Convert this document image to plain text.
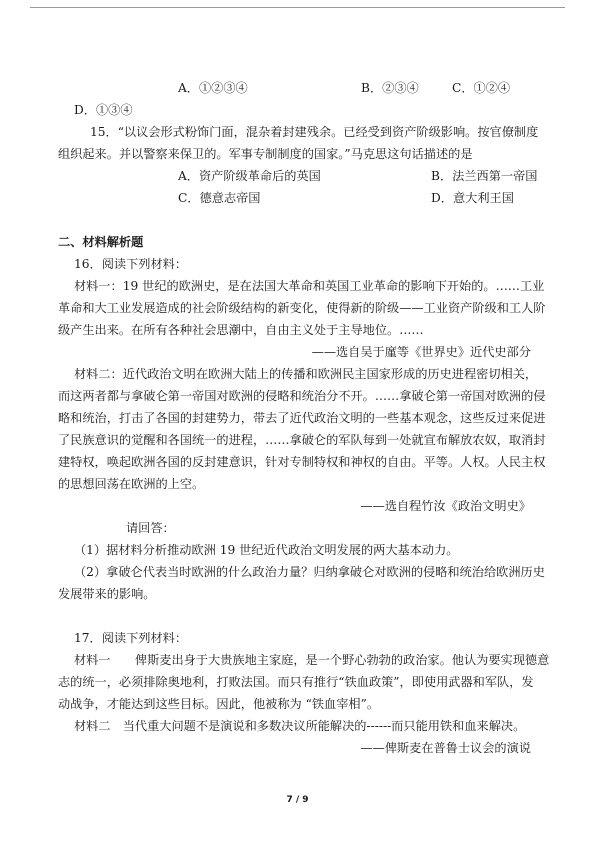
A．①②③④	B．②③④	C．①②④
D．①③④
15．“以议会形式粉饰门面，混杂着封建残余。已经受到资产阶级影响。按官僚制度
组织起来。并以警察来保卫的。军事专制制度的国家。”马克思这句话描述的是
A．资产阶级革命后的英国	B．法兰西第一帝国
C．德意志帝国	D．意大利王国
二、材料解析题
16．阅读下列材料：
材料一：19 世纪的欧洲史，是在法国大革命和英国工业革命的影响下开始的。……工业
革命和大工业发展造成的社会阶级结构的新变化，使得新的阶级——工业资产阶级和工人阶
级产生出来。在所有各种社会思潮中，自由主义处于主导地位。……
——选自吴于廑等《世界史》近代史部分
材料二：近代政治文明在欧洲大陆上的传播和欧洲民主国家形成的历史进程密切相关，
而这两者都与拿破仑第一帝国对欧洲的侵略和统治分不开。……拿破仑第一帝国对欧洲的侵
略和统治，打击了各国的封建势力，带去了近代政治文明的一些基本观念，这些反过来促进
了民族意识的觉醒和各国统一的进程，……拿破仑的军队每到一处就宣布解放农奴，取消封
建特权，唤起欧洲各国的反封建意识，针对专制特权和神权的自由。平等。人权。人民主权
的思想回荡在欧洲的上空。
——选自程竹汝《政治文明史》
请回答：
（1）据材料分析推动欧洲 19 世纪近代政治文明发展的两大基本动力。
（2）拿破仑代表当时欧洲的什么政治力量？归纳拿破仑对欧洲的侵略和统治给欧洲历史
发展带来的影响。
17．阅读下列材料：
材料一　　俾斯麦出身于大贵族地主家庭，是一个野心勃勃的政治家。他认为要实现德意
志的统一，必须排除奥地利，打败法国。而只有推行“铁血政策”，即使用武器和军队，发
动战争，才能达到这些目标。因此，他被称为 “铁血宰相”。
材料二　当代重大问题不是演说和多数决议所能解决的------而只能用铁和血来解决。
——俾斯麦在普鲁士议会的演说
7 / 9
